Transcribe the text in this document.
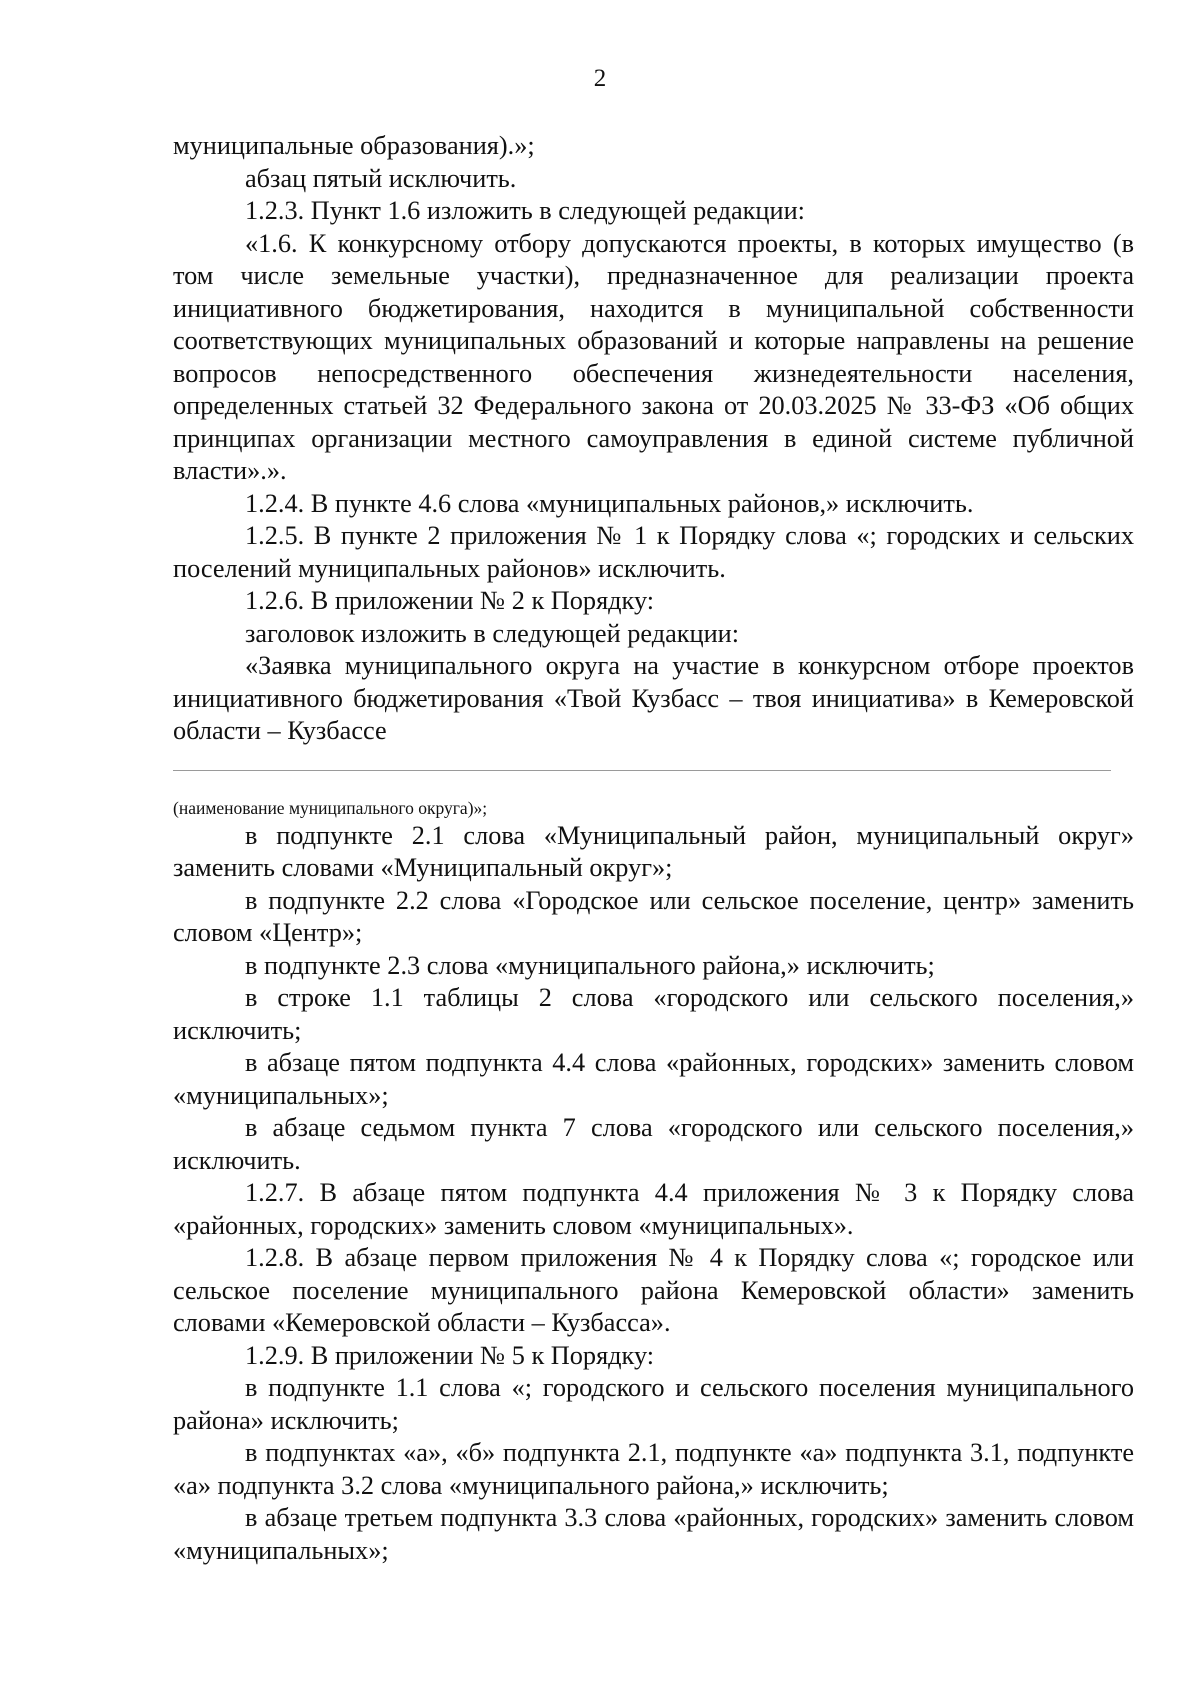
2

муниципальные образования).»;

абзац пятый исключить.

1.2.3. Пункт 1.6 изложить в следующей редакции:

«1.6. К конкурсному отбору допускаются проекты, в которых имущество (в том числе земельные участки), предназначенное для реализации проекта инициативного бюджетирования, находится в муниципальной собственности соответствующих муниципальных образований и которые направлены на решение вопросов непосредственного обеспечения жизнедеятельности населения, определенных статьей 32 Федерального закона от 20.03.2025 № 33-ФЗ «Об общих принципах организации местного самоуправления в единой системе публичной власти».».

1.2.4. В пункте 4.6 слова «муниципальных районов,» исключить.

1.2.5. В пункте 2 приложения № 1 к Порядку слова «; городских и сельских поселений муниципальных районов» исключить.

1.2.6. В приложении № 2 к Порядку:

заголовок изложить в следующей редакции:

«Заявка муниципального округа на участие в конкурсном отборе проектов инициативного бюджетирования «Твой Кузбасс – твоя инициатива» в Кемеровской области – Кузбассе

(наименование муниципального округа)»;

в подпункте 2.1 слова «Муниципальный район, муниципальный округ» заменить словами «Муниципальный округ»;

в подпункте 2.2 слова «Городское или сельское поселение, центр» заменить словом «Центр»;

в подпункте 2.3 слова «муниципального района,» исключить;

в строке 1.1 таблицы 2 слова «городского или сельского поселения,» исключить;

в абзаце пятом подпункта 4.4 слова «районных, городских» заменить словом «муниципальных»;

в абзаце седьмом пункта 7 слова «городского или сельского поселения,» исключить.

1.2.7. В абзаце пятом подпункта 4.4 приложения № 3 к Порядку слова «районных, городских» заменить словом «муниципальных».

1.2.8. В абзаце первом приложения № 4 к Порядку слова «; городское или сельское поселение муниципального района Кемеровской области» заменить словами «Кемеровской области – Кузбасса».

1.2.9. В приложении № 5 к Порядку:

в подпункте 1.1 слова «; городского и сельского поселения муниципального района» исключить;

в подпунктах «а», «б» подпункта 2.1, подпункте «а» подпункта 3.1, подпункте «а» подпункта 3.2 слова «муниципального района,» исключить;

в абзаце третьем подпункта 3.3 слова «районных, городских» заменить словом «муниципальных»;
